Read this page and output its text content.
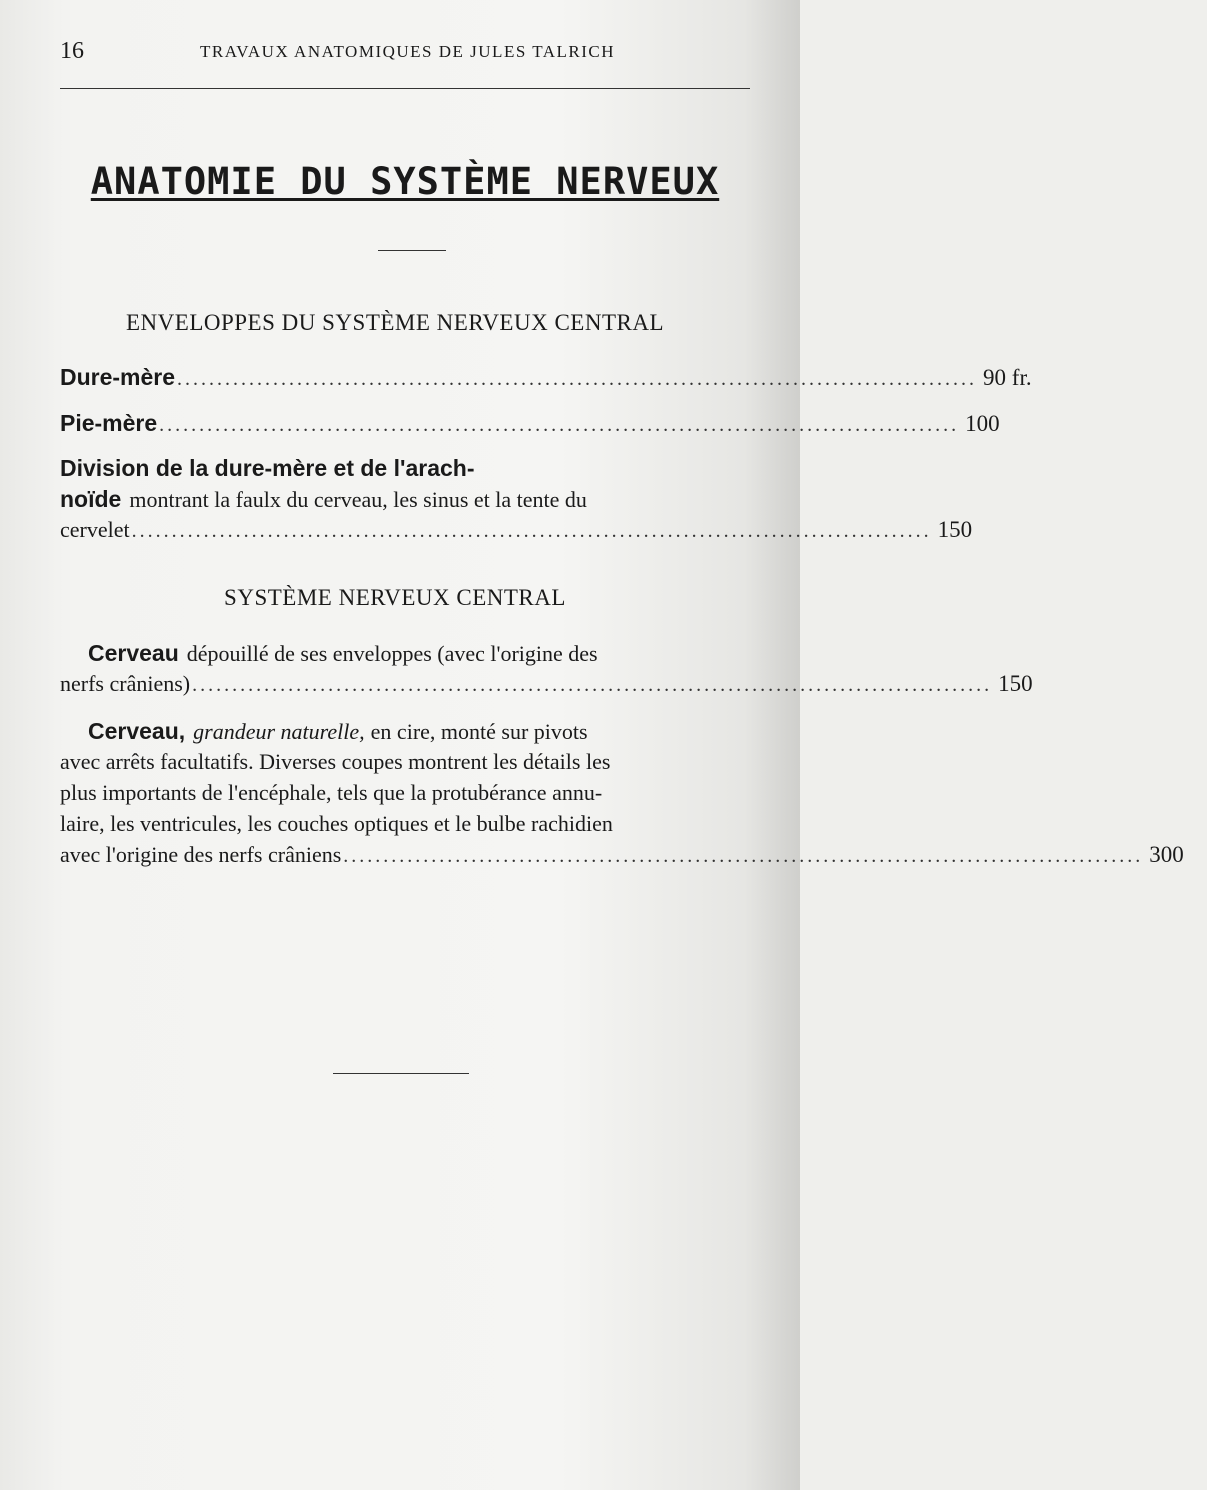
16	TRAVAUX ANATOMIQUES DE JULES TALRICH
ANATOMIE DU SYSTÈME NERVEUX
ENVELOPPES DU SYSTÈME NERVEUX CENTRAL
Dure-mère .................................................................................................... 90 fr.
Pie-mère .................................................................................................... 100
Division de la dure-mère et de l'arach-
noïde montrant la faulx du cerveau, les sinus et la tente du
cervelet .................................................................................................... 150
SYSTÈME NERVEUX CENTRAL
Cerveau dépouillé de ses enveloppes (avec l'origine des
nerfs crâniens) .................................................................................................... 150
Cerveau, grandeur naturelle, en cire, monté sur pivots
avec arrêts facultatifs. Diverses coupes montrent les détails les
plus importants de l'encéphale, tels que la protubérance annu-
laire, les ventricules, les couches optiques et le bulbe rachidien
avec l'origine des nerfs crâniens .................................................................................................... 300
